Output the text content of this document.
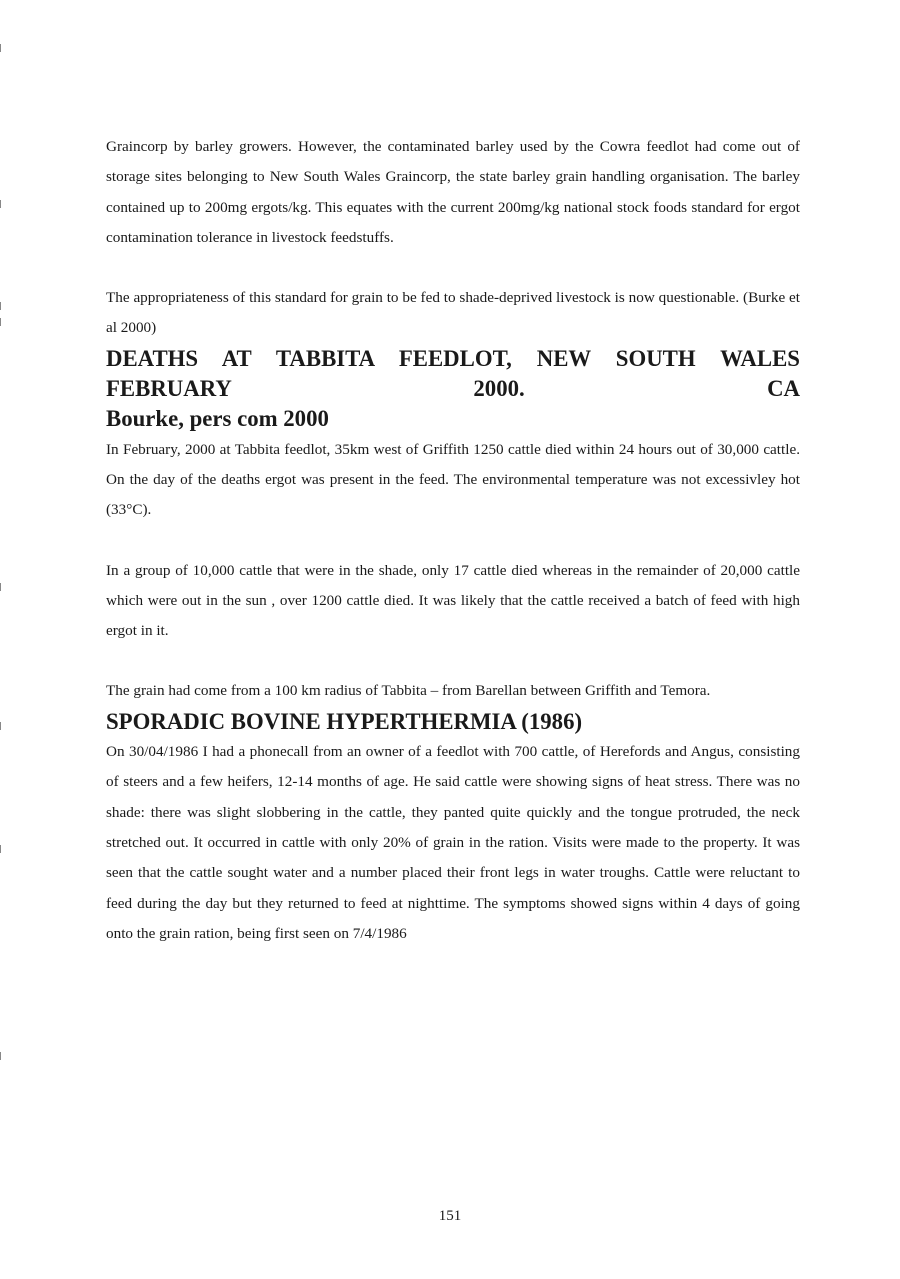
Graincorp by barley growers. However, the contaminated barley used by the Cowra feedlot had come out of storage sites belonging to New South Wales Graincorp, the state barley grain handling organisation. The barley contained up to 200mg ergots/kg. This equates with the current 200mg/kg national stock foods standard for ergot contamination tolerance in livestock feedstuffs.

The appropriateness of this standard for grain to be fed to shade-deprived livestock is now questionable. (Burke et al 2000)

DEATHS AT TABBITA FEEDLOT, NEW SOUTH WALES FEBRUARY 2000. CA
Bourke, pers com 2000

In February, 2000 at Tabbita feedlot, 35km west of Griffith 1250 cattle died within 24 hours out of 30,000 cattle. On the day of the deaths ergot was present in the feed. The environmental temperature was not excessivley hot (33°C).

In a group of 10,000 cattle that were in the shade, only 17 cattle died whereas in the remainder of 20,000 cattle which were out in the sun , over 1200 cattle died. It was likely that the cattle received a batch of feed with high ergot in it.

The grain had come from a 100 km radius of Tabbita – from Barellan between Griffith and Temora.

SPORADIC BOVINE HYPERTHERMIA (1986)

On 30/04/1986 I had a phonecall from an owner of a feedlot with 700 cattle, of Herefords and Angus, consisting of steers and a few heifers, 12-14 months of age. He said cattle were showing signs of heat stress. There was no shade: there was slight slobbering in the cattle, they panted quite quickly and the tongue protruded, the neck stretched out. It occurred in cattle with only 20% of grain in the ration. Visits were made to the property. It was seen that the cattle sought water and a number placed their front legs in water troughs. Cattle were reluctant to feed during the day but they returned to feed at nighttime. The symptoms showed signs within 4 days of going onto the grain ration, being first seen on 7/4/1986

151
